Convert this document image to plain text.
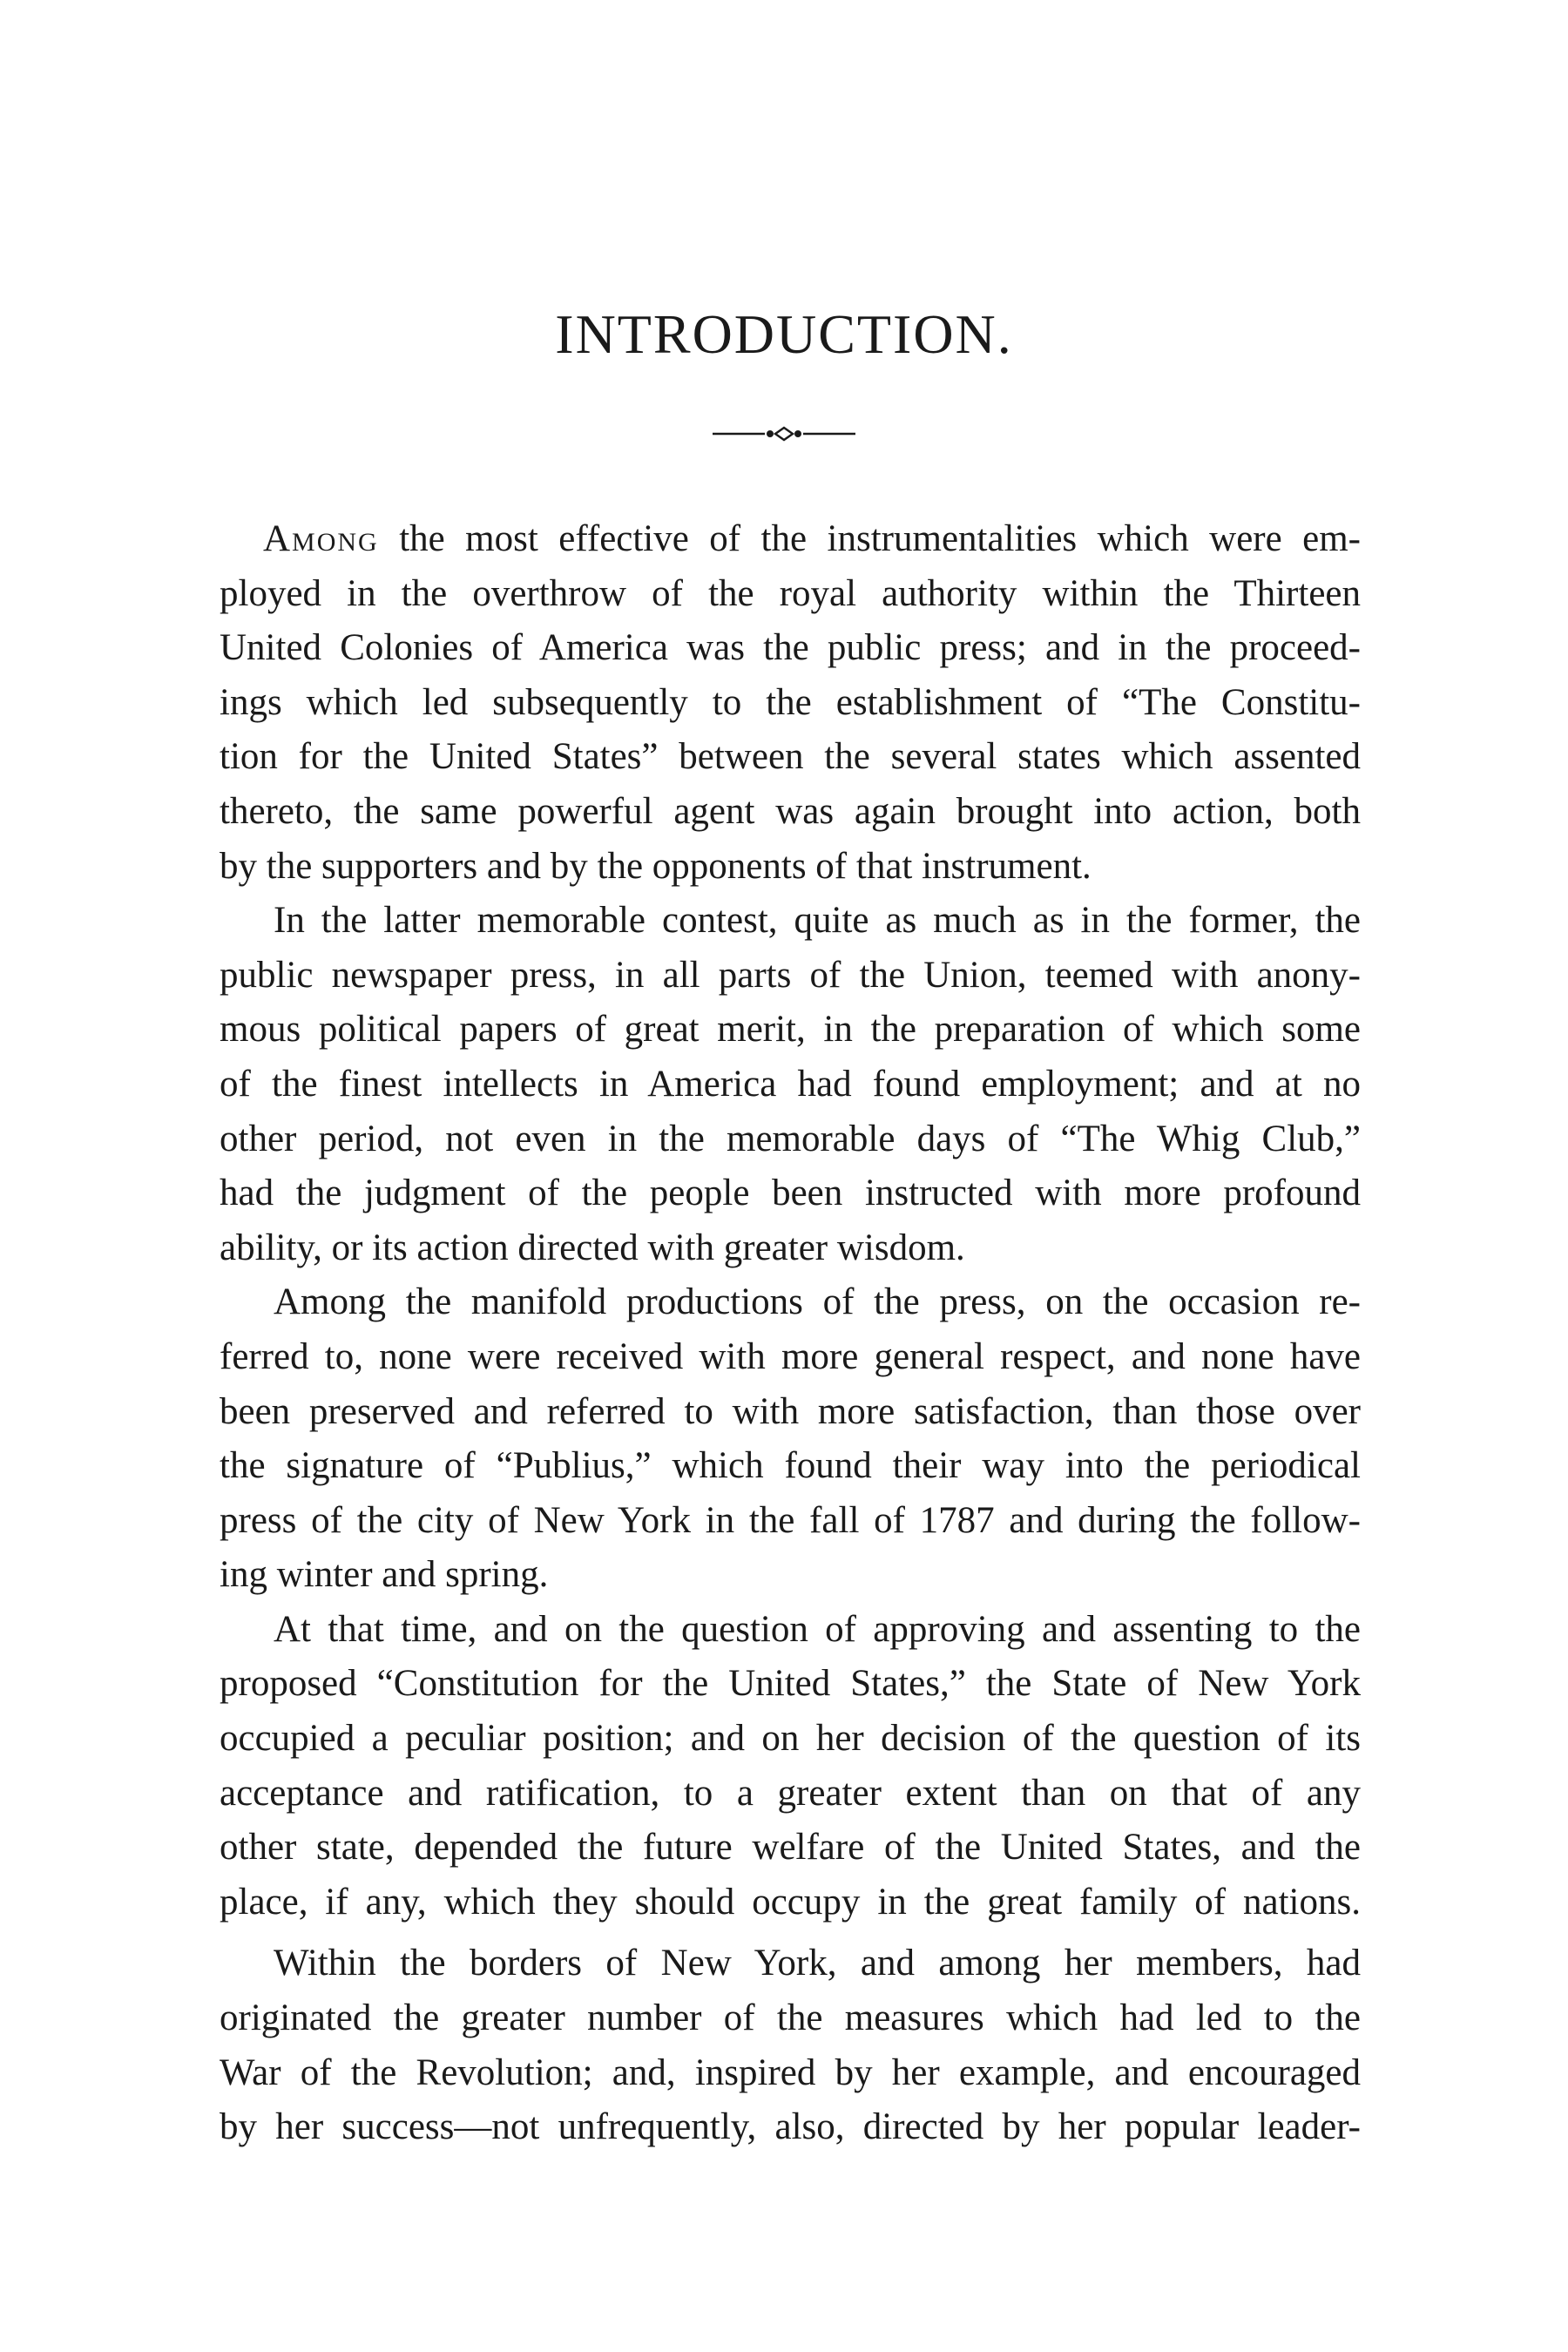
INTRODUCTION.
Among the most effective of the instrumentalities which were em-
ployed in the overthrow of the royal authority within the Thirteen
United Colonies of America was the public press; and in the proceed-
ings which led subsequently to the establishment of “The Constitu-
tion for the United States” between the several states which assented
thereto, the same powerful agent was again brought into action, both
by the supporters and by the opponents of that instrument.
In the latter memorable contest, quite as much as in the former, the
public newspaper press, in all parts of the Union, teemed with anony-
mous political papers of great merit, in the preparation of which some
of the finest intellects in America had found employment; and at no
other period, not even in the memorable days of “The Whig Club,”
had the judgment of the people been instructed with more profound
ability, or its action directed with greater wisdom.
Among the manifold productions of the press, on the occasion re-
ferred to, none were received with more general respect, and none have
been preserved and referred to with more satisfaction, than those over
the signature of “Publius,” which found their way into the periodical
press of the city of New York in the fall of 1787 and during the follow-
ing winter and spring.
At that time, and on the question of approving and assenting to the
proposed “Constitution for the United States,” the State of New York
occupied a peculiar position; and on her decision of the question of its
acceptance and ratification, to a greater extent than on that of any
other state, depended the future welfare of the United States, and the
place, if any, which they should occupy in the great family of nations.
Within the borders of New York, and among her members, had
originated the greater number of the measures which had led to the
War of the Revolution; and, inspired by her example, and encouraged
by her success—not unfrequently, also, directed by her popular leader-
